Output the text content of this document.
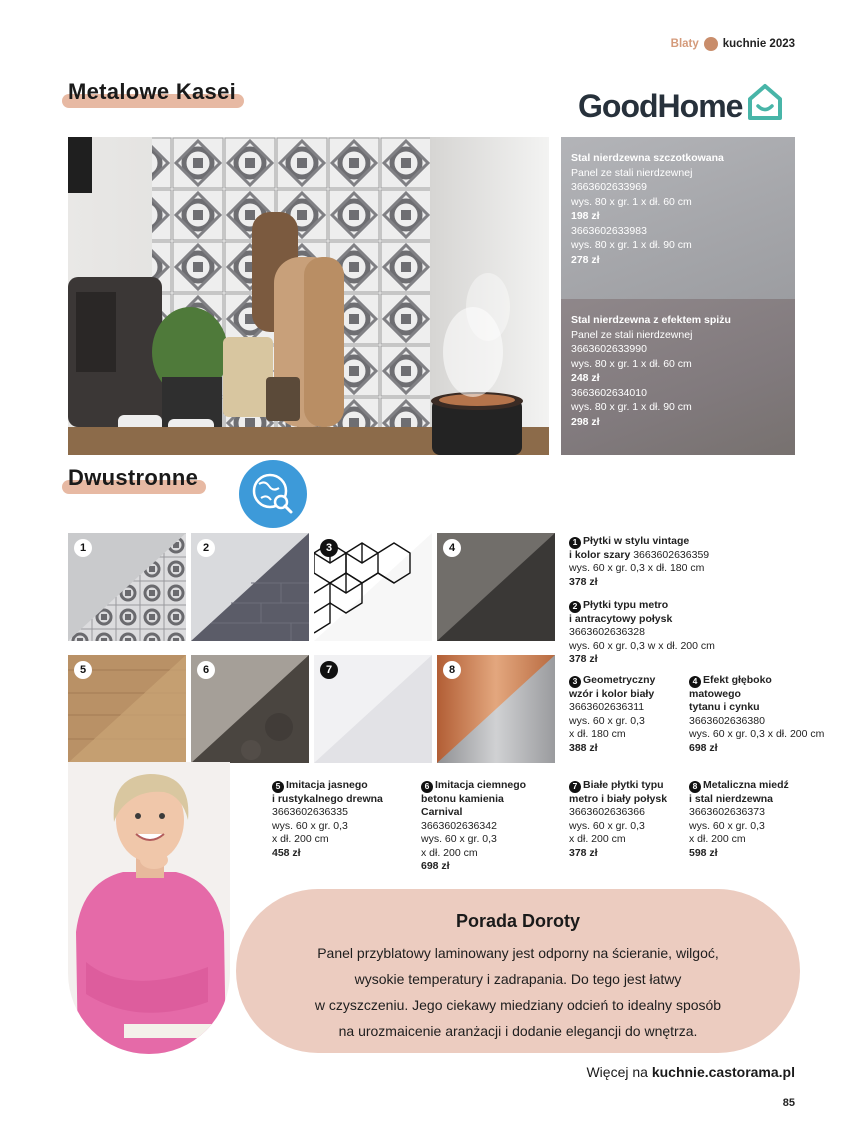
Blaty kuchnie 2023
Metalowe Kasei	GoodHome
Stal nierdzewna szczotkowana
Panel ze stali nierdzewnej
3663602633969
wys. 80 x gr. 1 x dł. 60 cm
198 zł
3663602633983
wys. 80 x gr. 1 x dł. 90 cm
278 zł
Stal nierdzewna z efektem spiżu
Panel ze stali nierdzewnej
3663602633990
wys. 80 x gr. 1 x dł. 60 cm
248 zł
3663602634010
wys. 80 x gr. 1 x dł. 90 cm
298 zł
Dwustronne
1	2	3	4
5	6	7	8
1 Płytki w stylu vintage
i kolor szary 3663602636359
wys. 60 x gr. 0,3 x dł. 180 cm
378 zł
2 Płytki typu metro
i antracytowy połysk
3663602636328
wys. 60 x gr. 0,3 w x dł. 200 cm
378 zł
3 Geometryczny
wzór i kolor biały
3663602636311
wys. 60 x gr. 0,3
x dł. 180 cm
388 zł
4 Efekt głęboko
matowego
tytanu i cynku
3663602636380
wys. 60 x gr. 0,3 x dł. 200 cm
698 zł
5 Imitacja jasnego
i rustykalnego drewna
3663602636335
wys. 60 x gr. 0,3
x dł. 200 cm
458 zł
6 Imitacja ciemnego
betonu kamienia
Carnival
3663602636342
wys. 60 x gr. 0,3
x dł. 200 cm
698 zł
7 Białe płytki typu
metro i biały połysk
3663602636366
wys. 60 x gr. 0,3
x dł. 200 cm
378 zł
8 Metaliczna miedź
i stal nierdzewna
3663602636373
wys. 60 x gr. 0,3
x dł. 200 cm
598 zł
Porada Doroty
Panel przyblatowy laminowany jest odporny na ścieranie, wilgoć,
wysokie temperatury i zadrapania. Do tego jest łatwy
w czyszczeniu. Jego ciekawy miedziany odcień to idealny sposób
na urozmaicenie aranżacji i dodanie elegancji do wnętrza.
Więcej na kuchnie.castorama.pl
85
